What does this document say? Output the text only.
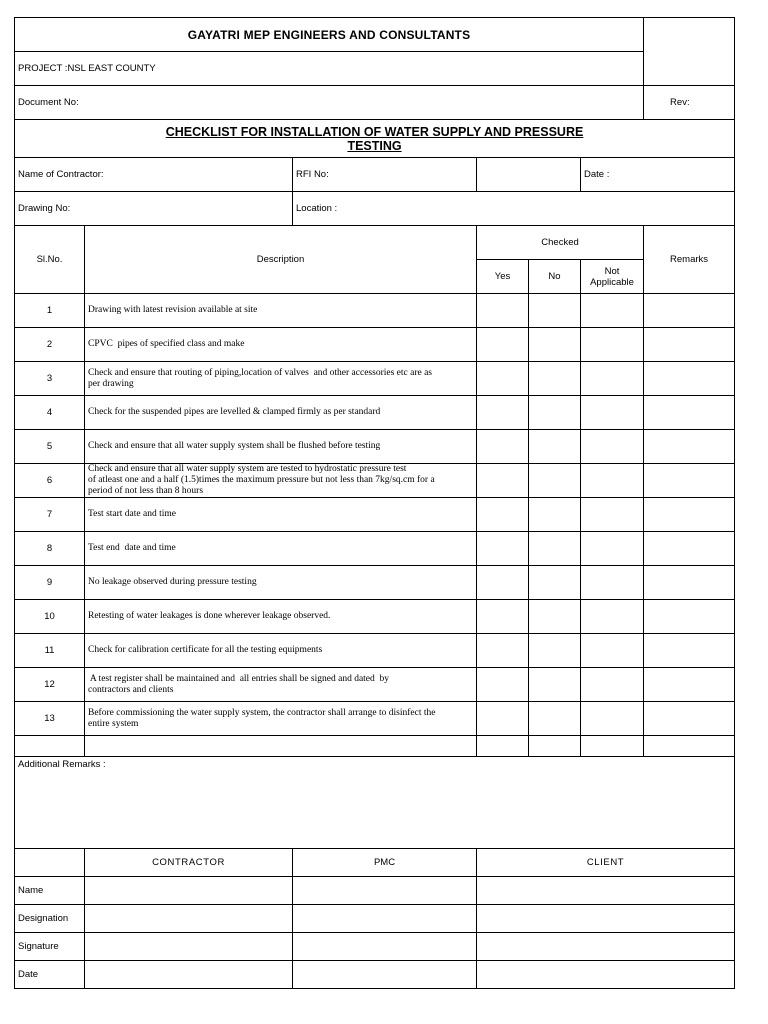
GAYATRI MEP ENGINEERS AND CONSULTANTS						
PROJECT :NSL EAST COUNTY						
Document No:						Rev:

CHECKLIST FOR INSTALLATION OF WATER SUPPLY AND PRESSURE
TESTING						

Name of Contractor:		RFI No:			Date :	
Drawing No:		Location :				
Sl.No.	Description		Checked			Remarks
			Yes	No	Not
Applicable	

1	Drawing with latest revision available at site					

2	CPVC  pipes of specified class and make					

3	Check and ensure that routing of piping,location of valves  and other accessories etc are as
per drawing					

4	Check for the suspended pipes are levelled & clamped firmly as per standard					

5	Check and ensure that all water supply system shall be flushed before testing					

6	Check and ensure that all water supply system are tested to hydrostatic pressure test
of atleast one and a half (1.5)times the maximum pressure but not less than 7kg/sq.cm for a
period of not less than 8 hours					

7	Test start date and time					

8	Test end  date and time					

9	No leakage observed during pressure testing					

10	Retesting of water leakages is done wherever leakage observed.					

11	Check for calibration certificate for all the testing equipments					

12	A test register shall be maintained and  all entries shall be signed and dated  by
contractors and clients					

13	Before commissioning the water supply system, the contractor shall arrange to disinfect the
entire system					

Additional Remarks :						
	CONTRACTOR	PMC	CLIENT			
Name						
Designation						
Signature						
Date						
